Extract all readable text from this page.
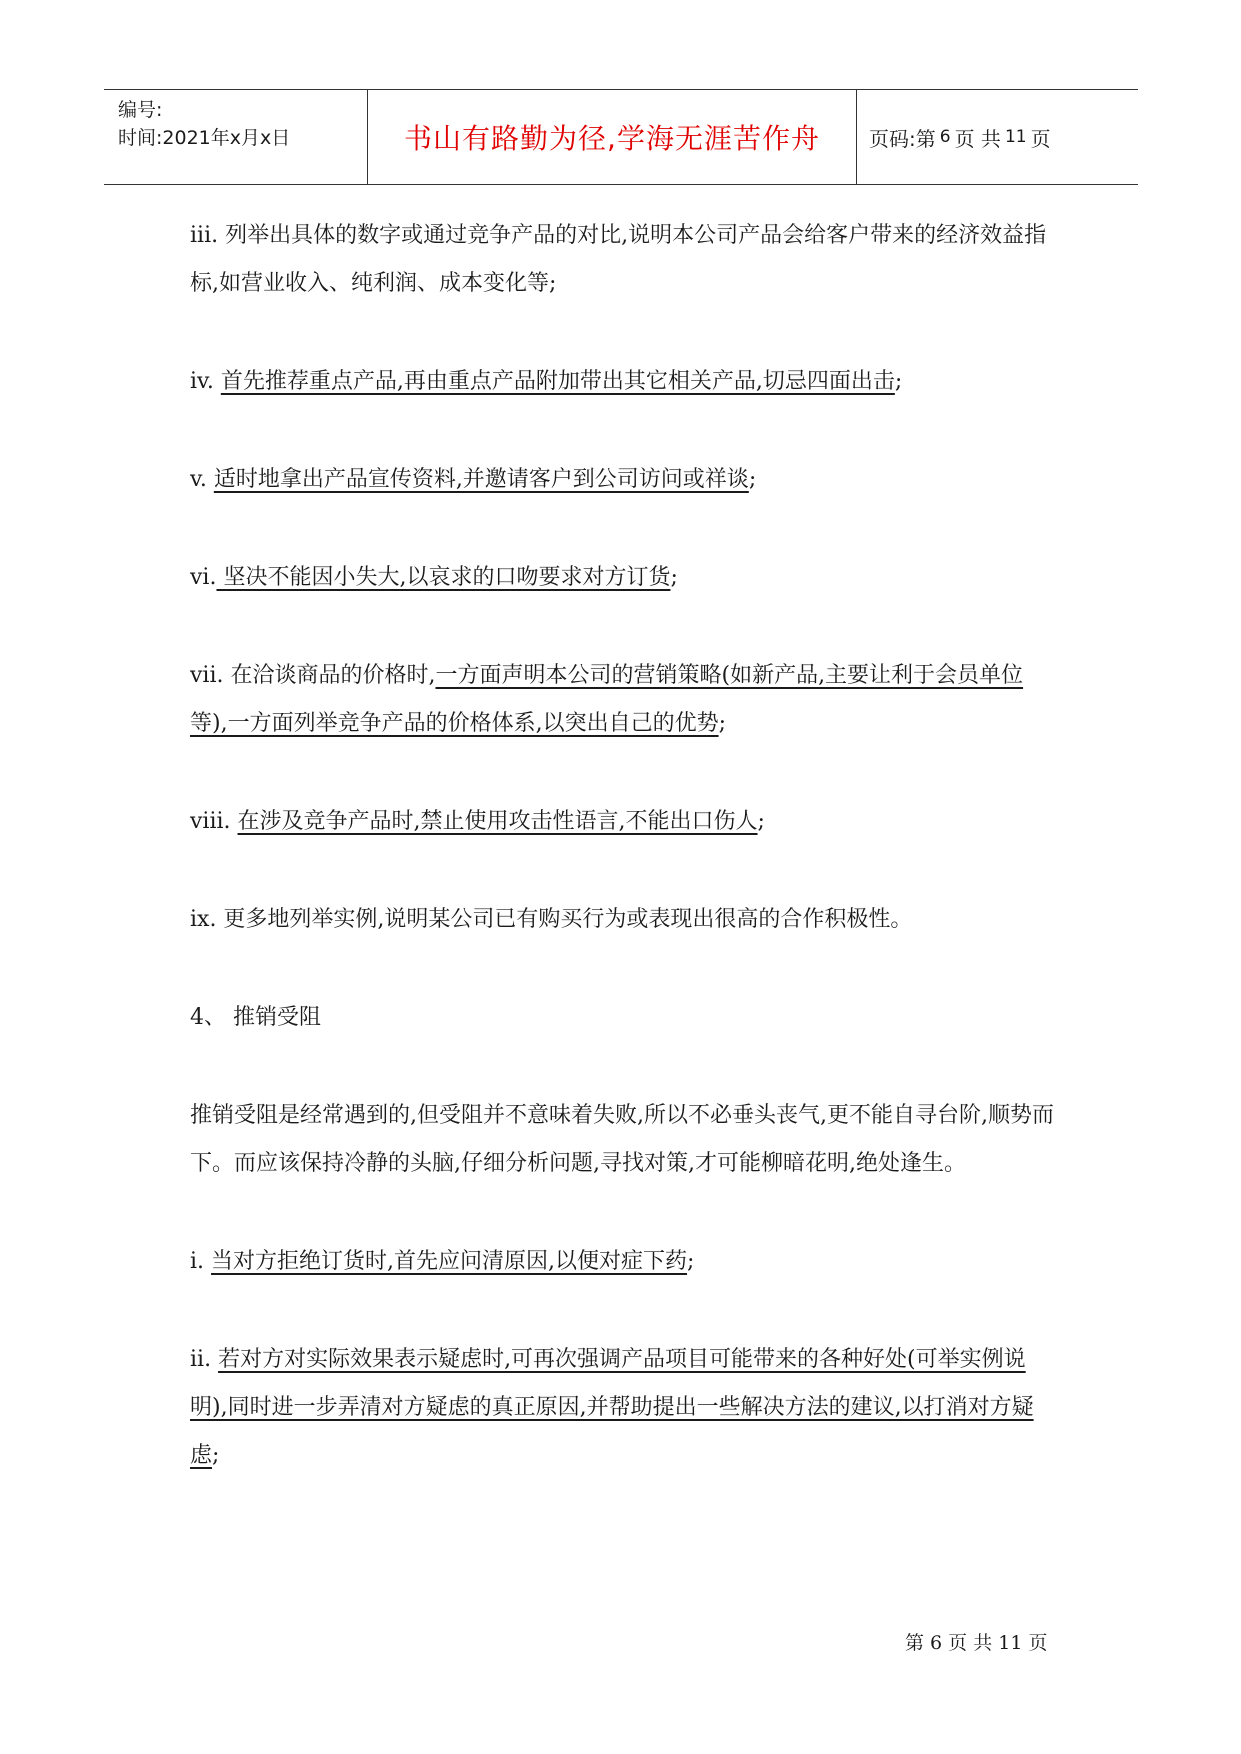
编号:
时间:2021年x月x日	书山有路勤为径,学海无涯苦作舟	页码:第 6 页 共 11 页

iii. 列举出具体的数字或通过竞争产品的对比,说明本公司产品会给客户带来的经济效益指标,如营业收入、纯利润、成本变化等;

iv. 首先推荐重点产品,再由重点产品附加带出其它相关产品,切忌四面出击;

v. 适时地拿出产品宣传资料,并邀请客户到公司访问或祥谈;

vi. 坚决不能因小失大,以哀求的口吻要求对方订货;

vii. 在洽谈商品的价格时,一方面声明本公司的营销策略(如新产品,主要让利于会员单位等),一方面列举竞争产品的价格体系,以突出自己的优势;

viii. 在涉及竞争产品时,禁止使用攻击性语言,不能出口伤人;

ix. 更多地列举实例,说明某公司已有购买行为或表现出很高的合作积极性。

4、 推销受阻

推销受阻是经常遇到的,但受阻并不意味着失败,所以不必垂头丧气,更不能自寻台阶,顺势而下。而应该保持冷静的头脑,仔细分析问题,寻找对策,才可能柳暗花明,绝处逢生。

i. 当对方拒绝订货时,首先应问清原因,以便对症下药;

ii. 若对方对实际效果表示疑虑时,可再次强调产品项目可能带来的各种好处(可举实例说明),同时进一步弄清对方疑虑的真正原因,并帮助提出一些解决方法的建议,以打消对方疑虑;

第 6 页 共 11 页
